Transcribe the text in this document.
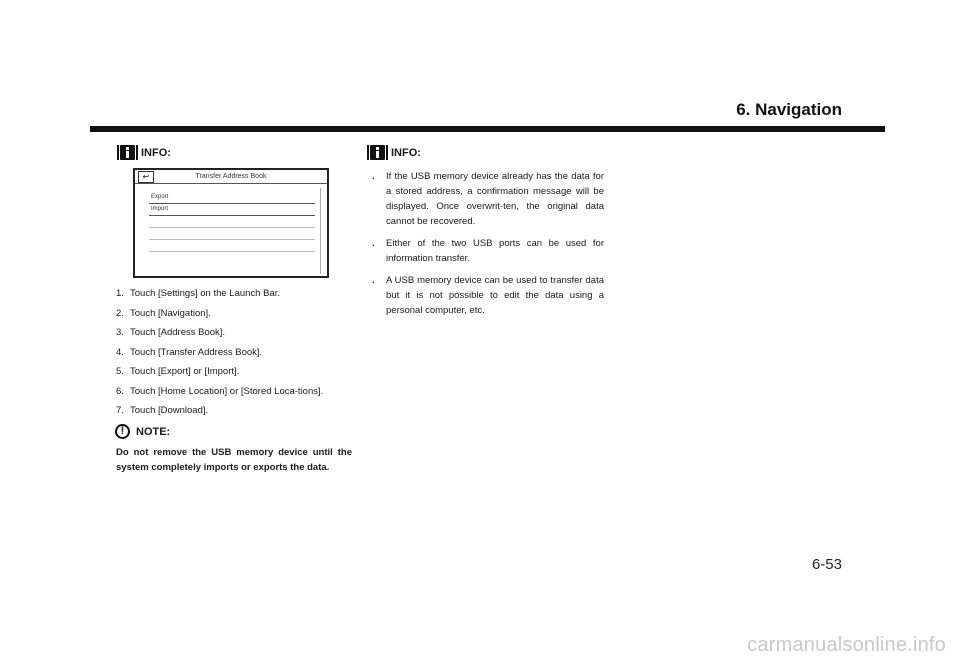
6. Navigation
INFO:
↩	Transfer Address Book
Export
Import
1. Touch [Settings] on the Launch Bar.
2. Touch [Navigation].
3. Touch [Address Book].
4. Touch [Transfer Address Book].
5. Touch [Export] or [Import].
6. Touch [Home Location] or [Stored Loca-tions].
7. Touch [Download].
!	NOTE:
Do not remove the USB memory device until the system completely imports or exports the data.
INFO:
.	If the USB memory device already has the data for a stored address, a confirmation message will be displayed. Once overwrit-ten, the original data cannot be recovered.
.	Either of the two USB ports can be used for information transfer.
.	A USB memory device can be used to transfer data but it is not possible to edit the data using a personal computer, etc.
6-53
carmanualsonline.info
